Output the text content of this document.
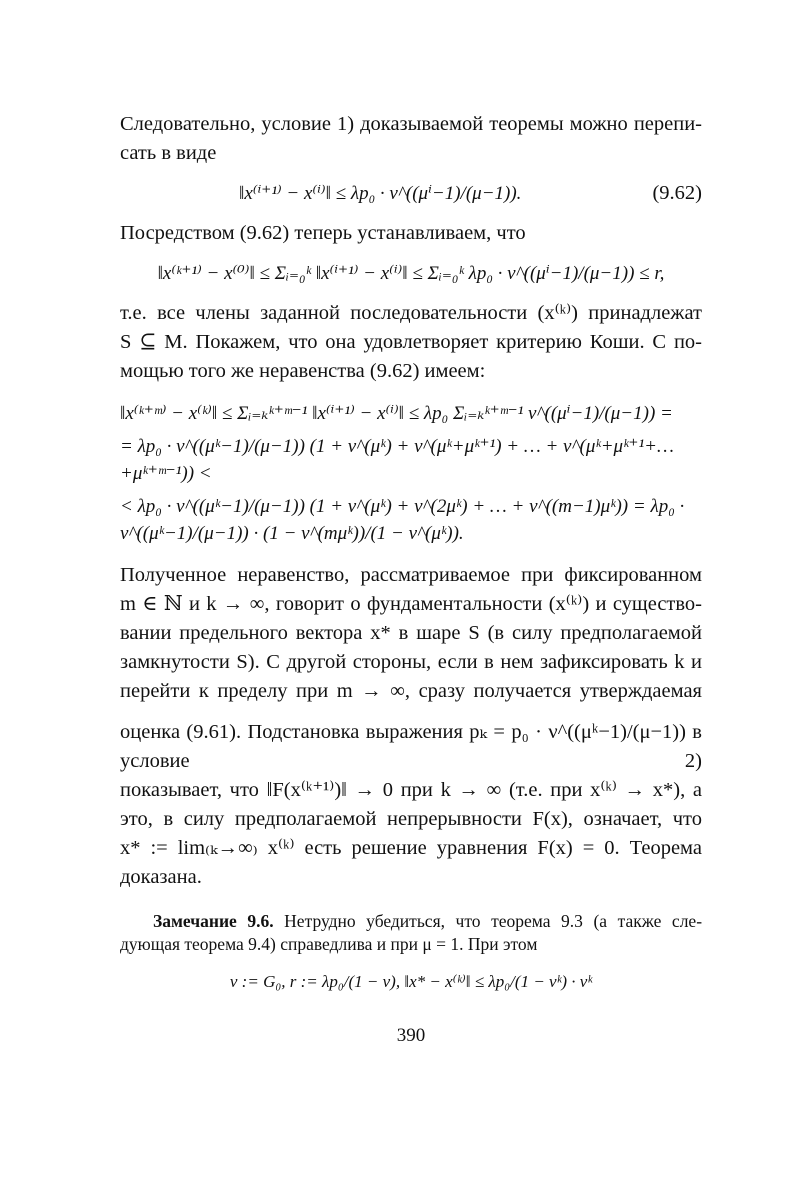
Следовательно, условие 1) доказываемой теоремы можно перепи-
сать в виде
‖x⁽ⁱ⁺¹⁾ − x⁽ⁱ⁾‖ ≤ λp₀ · ν^((μⁱ−1)/(μ−1)).	(9.62)
Посредством (9.62) теперь устанавливаем, что
‖x⁽ᵏ⁺¹⁾ − x⁽⁰⁾‖ ≤ Σᵢ₌₀ᵏ ‖x⁽ⁱ⁺¹⁾ − x⁽ⁱ⁾‖ ≤ Σᵢ₌₀ᵏ λp₀ · ν^((μⁱ−1)/(μ−1)) ≤ r,
т.е. все члены заданной последовательности (x⁽ᵏ⁾) принадлежат
S ⊆ M. Покажем, что она удовлетворяет критерию Коши. С по-
мощью того же неравенства (9.62) имеем:
‖x⁽ᵏ⁺ᵐ⁾ − x⁽ᵏ⁾‖ ≤ Σᵢ₌ₖᵏ⁺ᵐ⁻¹ ‖x⁽ⁱ⁺¹⁾ − x⁽ⁱ⁾‖ ≤ λp₀ Σᵢ₌ₖᵏ⁺ᵐ⁻¹ ν^((μⁱ−1)/(μ−1)) =
= λp₀ · ν^((μᵏ−1)/(μ−1)) (1 + ν^(μᵏ) + ν^(μᵏ+μᵏ⁺¹) + … + ν^(μᵏ+μᵏ⁺¹+…+μᵏ⁺ᵐ⁻¹)) <
< λp₀ · ν^((μᵏ−1)/(μ−1)) (1 + ν^(μᵏ) + ν^(2μᵏ) + … + ν^((m−1)μᵏ)) = λp₀ · ν^((μᵏ−1)/(μ−1)) · (1 − ν^(mμᵏ))/(1 − ν^(μᵏ)).
Полученное неравенство, рассматриваемое при фиксированном
m ∈ ℕ и k → ∞, говорит о фундаментальности (x⁽ᵏ⁾) и существо-
вании предельного вектора x* в шаре S (в силу предполагаемой
замкнутости S). С другой стороны, если в нем зафиксировать k и
перейти к пределу при m → ∞, сразу получается утверждаемая
оценка (9.61). Подстановка выражения pₖ = p₀ · ν^((μᵏ−1)/(μ−1)) в условие 2)
показывает, что ‖F(x⁽ᵏ⁺¹⁾)‖ → 0 при k → ∞ (т.е. при x⁽ᵏ⁾ → x*), а
это, в силу предполагаемой непрерывности F(x), означает, что
x* := lim₍ₖ→∞₎ x⁽ᵏ⁾ есть решение уравнения F(x) = 0. Теорема доказана.
Замечание 9.6. Нетрудно убедиться, что теорема 9.3 (а также сле-
дующая теорема 9.4) справедлива и при μ = 1. При этом
ν := G₀, r := λp₀/(1 − ν), ‖x* − x⁽ᵏ⁾‖ ≤ λp₀/(1 − νᵏ) · νᵏ
390
